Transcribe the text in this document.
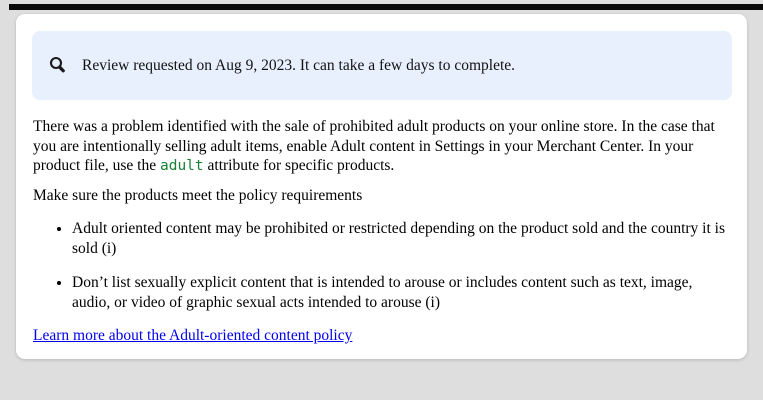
Review requested on Aug 9, 2023. It can take a few days to complete.

There was a problem identified with the sale of prohibited adult products on your online store. In the case that you are intentionally selling adult items, enable Adult content in Settings in your Merchant Center. In your product file, use the adult attribute for specific products.

Make sure the products meet the policy requirements

• Adult oriented content may be prohibited or restricted depending on the product sold and the country it is sold (i)
• Don’t list sexually explicit content that is intended to arouse or includes content such as text, image, audio, or video of graphic sexual acts intended to arouse (i)

Learn more about the Adult-oriented content policy
